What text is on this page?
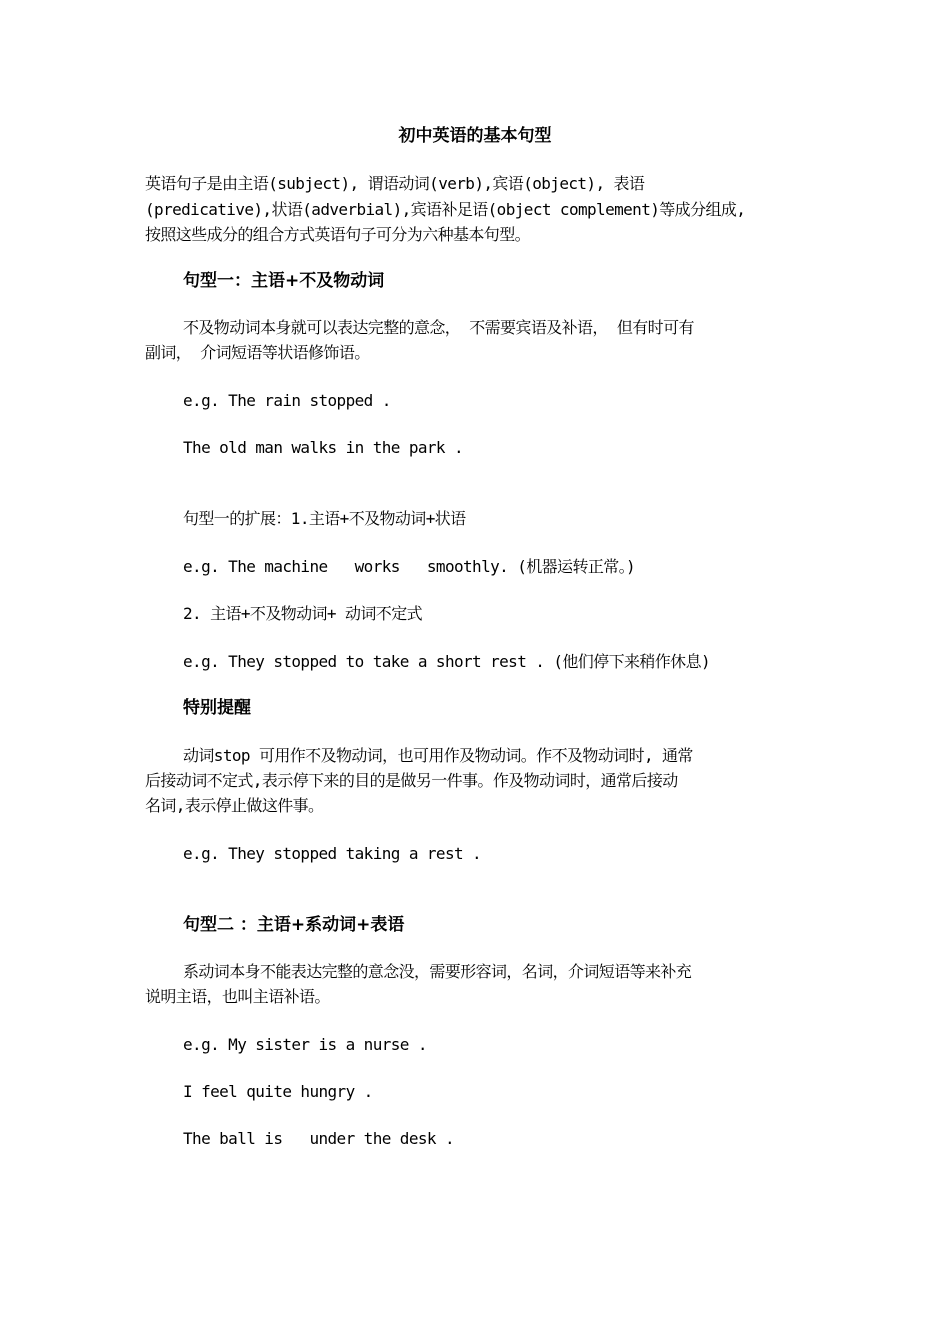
初中英语的基本句型
英语句子是由主语(subject), 谓语动词(verb),宾语(object), 表语
(predicative),状语(adverbial),宾语补足语(object complement)等成分组成,
按照这些成分的组合方式英语句子可分为六种基本句型。
句型一：主语+不及物动词
不及物动词本身就可以表达完整的意念， 不需要宾语及补语， 但有时可有
副词， 介词短语等状语修饰语。
e.g. The rain stopped .
The old man walks in the park .
句型一的扩展：1.主语+不及物动词+状语
e.g. The machine   works   smoothly. (机器运转正常。)
2. 主语+不及物动词+ 动词不定式
e.g. They stopped to take a short rest . (他们停下来稍作休息)
特别提醒
动词stop 可用作不及物动词，也可用作及物动词。作不及物动词时, 通常
后接动词不定式,表示停下来的目的是做另一件事。作及物动词时，通常后接动
名词,表示停止做这件事。
e.g. They stopped taking a rest .
句型二 ：主语+系动词+表语
系动词本身不能表达完整的意念没，需要形容词，名词，介词短语等来补充
说明主语，也叫主语补语。
e.g. My sister is a nurse .
I feel quite hungry .
The ball is   under the desk .
